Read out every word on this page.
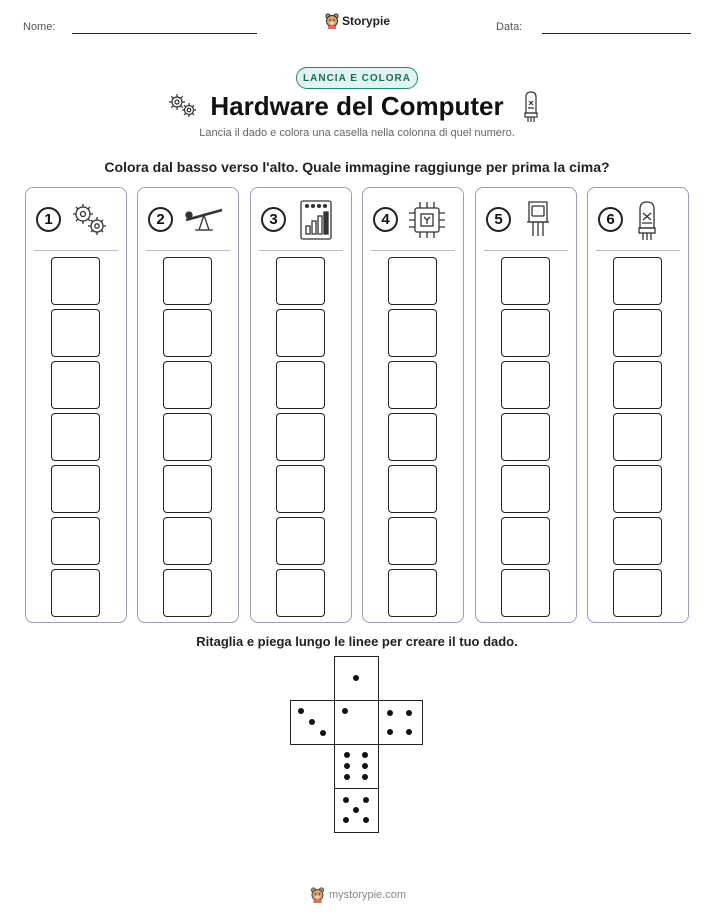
Nome:	Storypie	Data:
LANCIA E COLORA
Hardware del Computer
Lancia il dado e colora una casella nella colonna di quel numero.
Colora dal basso verso l'alto. Quale immagine raggiunge per prima la cima?
1	2	3	4	5	6
Ritaglia e piega lungo le linee per creare il tuo dado.
mystorypie.com
